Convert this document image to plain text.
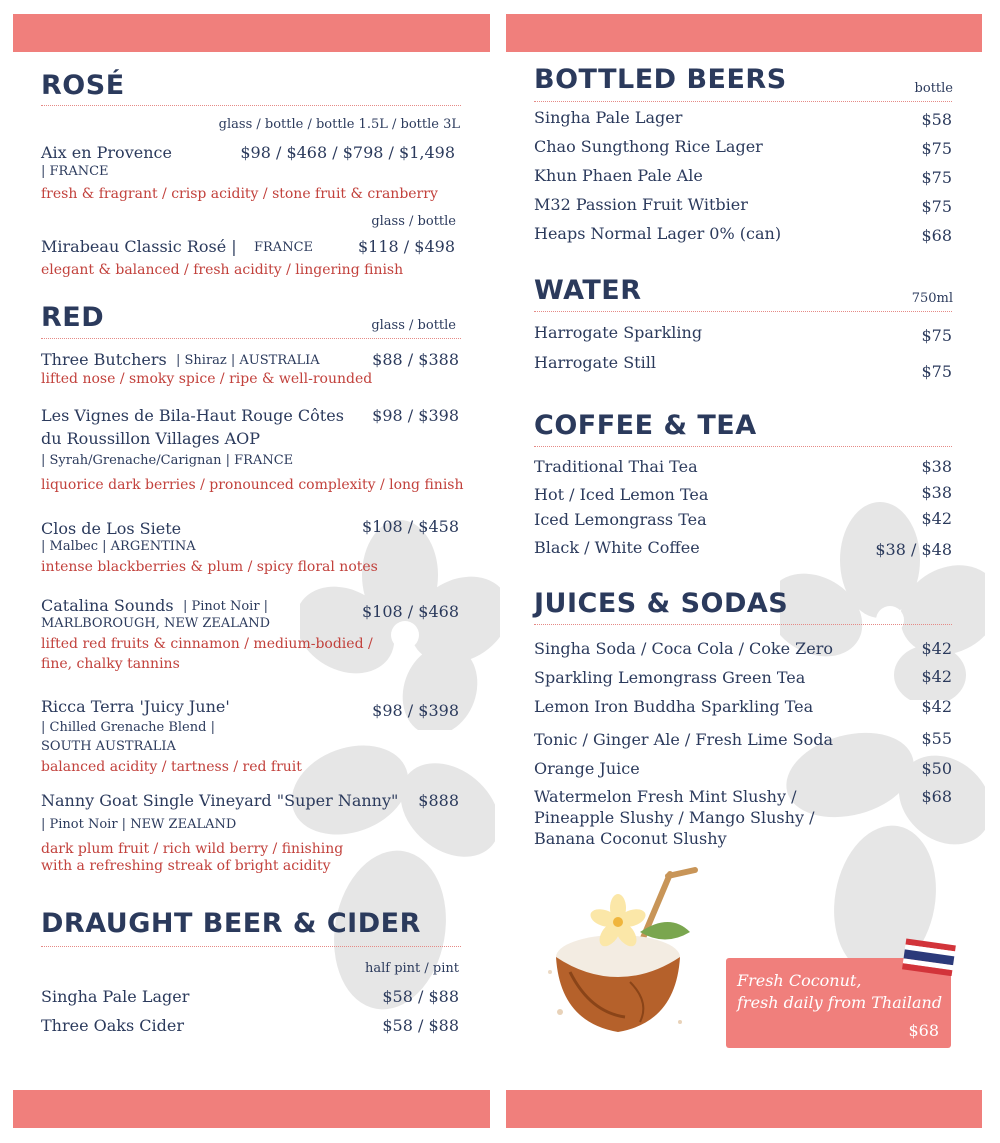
ROSÉ
glass / bottle / bottle 1.5L / bottle 3L
Aix en Provence	$98 / $468 / $798 / $1,498
| FRANCE
fresh & fragrant / crisp acidity / stone fruit & cranberry
glass / bottle
Mirabeau Classic Rosé | FRANCE	$118 / $498
elegant & balanced / fresh acidity / lingering finish
RED	glass / bottle
Three Butchers | Shiraz | AUSTRALIA	$88 / $388
lifted nose / smoky spice / ripe & well-rounded
Les Vignes de Bila-Haut Rouge Côtes
du Roussillon Villages AOP
$98 / $398
| Syrah/Grenache/Carignan | FRANCE
liquorice dark berries / pronounced complexity / long finish
Clos de Los Siete	$108 / $458
| Malbec | ARGENTINA
intense blackberries & plum / spicy floral notes
Catalina Sounds | Pinot Noir |	$108 / $468
MARLBOROUGH, NEW ZEALAND
lifted red fruits & cinnamon / medium-bodied /
fine, chalky tannins
Ricca Terra 'Juicy June'	$98 / $398
| Chilled Grenache Blend |
SOUTH AUSTRALIA
balanced acidity / tartness / red fruit
Nanny Goat Single Vineyard "Super Nanny" $888
| Pinot Noir | NEW ZEALAND
dark plum fruit / rich wild berry / finishing
with a refreshing streak of bright acidity
DRAUGHT BEER & CIDER
half pint / pint
Singha Pale Lager	$58 / $88
Three Oaks Cider	$58 / $88
BOTTLED BEERS	bottle
Singha Pale Lager	$58
Chao Sungthong Rice Lager	$75
Khun Phaen Pale Ale	$75
M32 Passion Fruit Witbier	$75
Heaps Normal Lager 0% (can)	$68
WATER	750ml
Harrogate Sparkling	$75
Harrogate Still	$75
COFFEE & TEA
Traditional Thai Tea	$38
Hot / Iced Lemon Tea	$38
Iced Lemongrass Tea	$42
Black / White Coffee	$38 / $48
JUICES & SODAS
Singha Soda / Coca Cola / Coke Zero	$42
Sparkling Lemongrass Green Tea	$42
Lemon Iron Buddha Sparkling Tea	$42
Tonic / Ginger Ale / Fresh Lime Soda	$55
Orange Juice	$50
Watermelon Fresh Mint Slushy /
Pineapple Slushy / Mango Slushy /
Banana Coconut Slushy
$68
Fresh Coconut,
fresh daily from Thailand
$68
